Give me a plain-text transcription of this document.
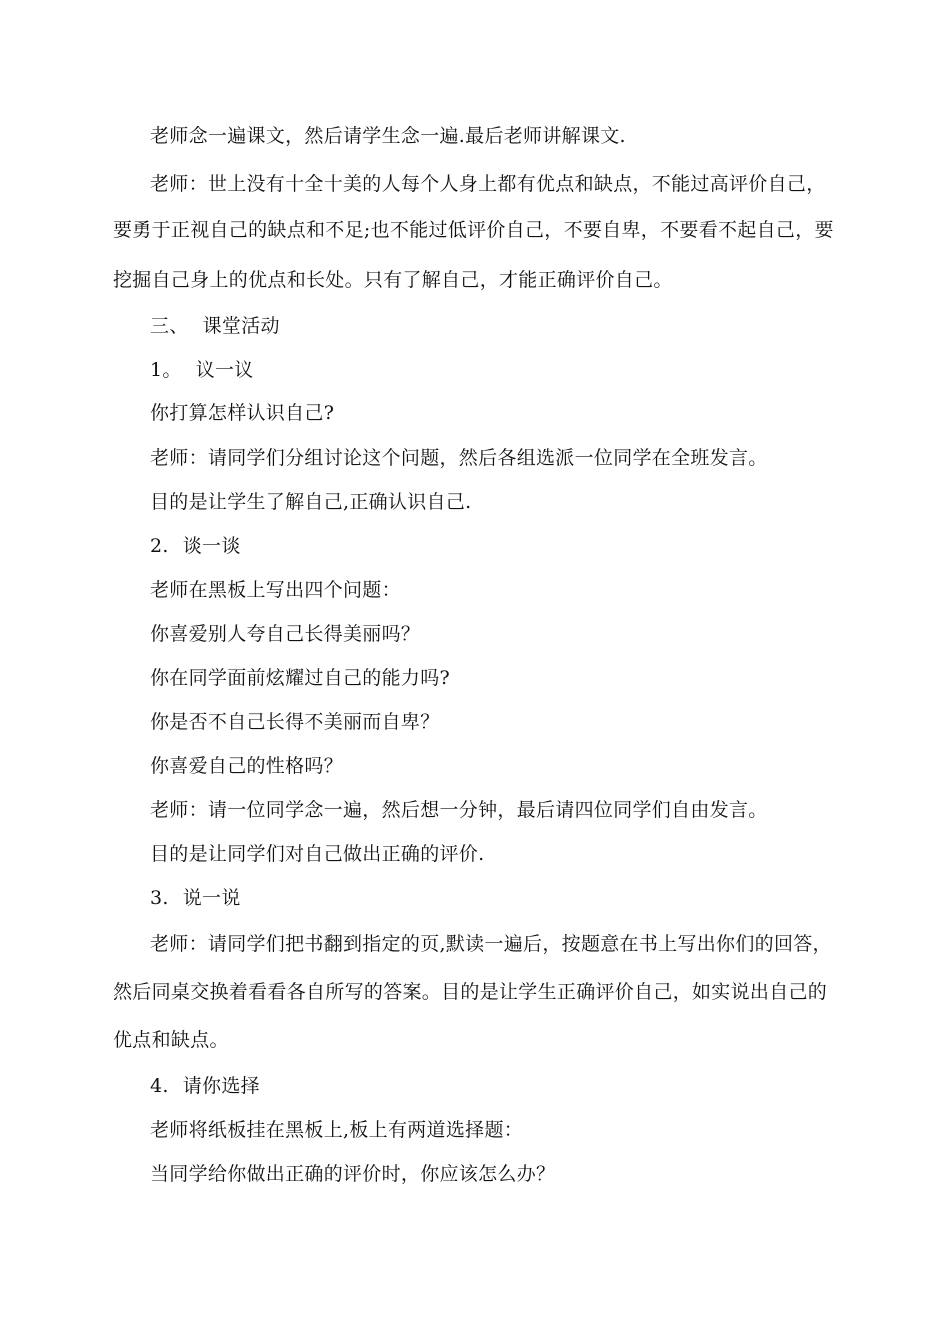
老师念一遍课文，然后请学生念一遍.最后老师讲解课文.
老师：世上没有十全十美的人每个人身上都有优点和缺点，不能过高评价自己，
要勇于正视自己的缺点和不足;也不能过低评价自己，不要自卑，不要看不起自己，要
挖掘自己身上的优点和长处。只有了解自己，才能正确评价自己。
三、 课堂活动
1。 议一议
你打算怎样认识自己?
老师：请同学们分组讨论这个问题，然后各组选派一位同学在全班发言。
目的是让学生了解自己,正确认识自己.
2. 谈一谈
老师在黑板上写出四个问题：
你喜爱别人夸自己长得美丽吗？
你在同学面前炫耀过自己的能力吗?
你是否不自己长得不美丽而自卑？
你喜爱自己的性格吗？
老师：请一位同学念一遍，然后想一分钟，最后请四位同学们自由发言。
目的是让同学们对自己做出正确的评价.
3. 说一说
老师：请同学们把书翻到指定的页,默读一遍后，按题意在书上写出你们的回答，
然后同桌交换着看看各自所写的答案。目的是让学生正确评价自己，如实说出自己的
优点和缺点。
4. 请你选择
老师将纸板挂在黑板上,板上有两道选择题：
当同学给你做出正确的评价时，你应该怎么办？
